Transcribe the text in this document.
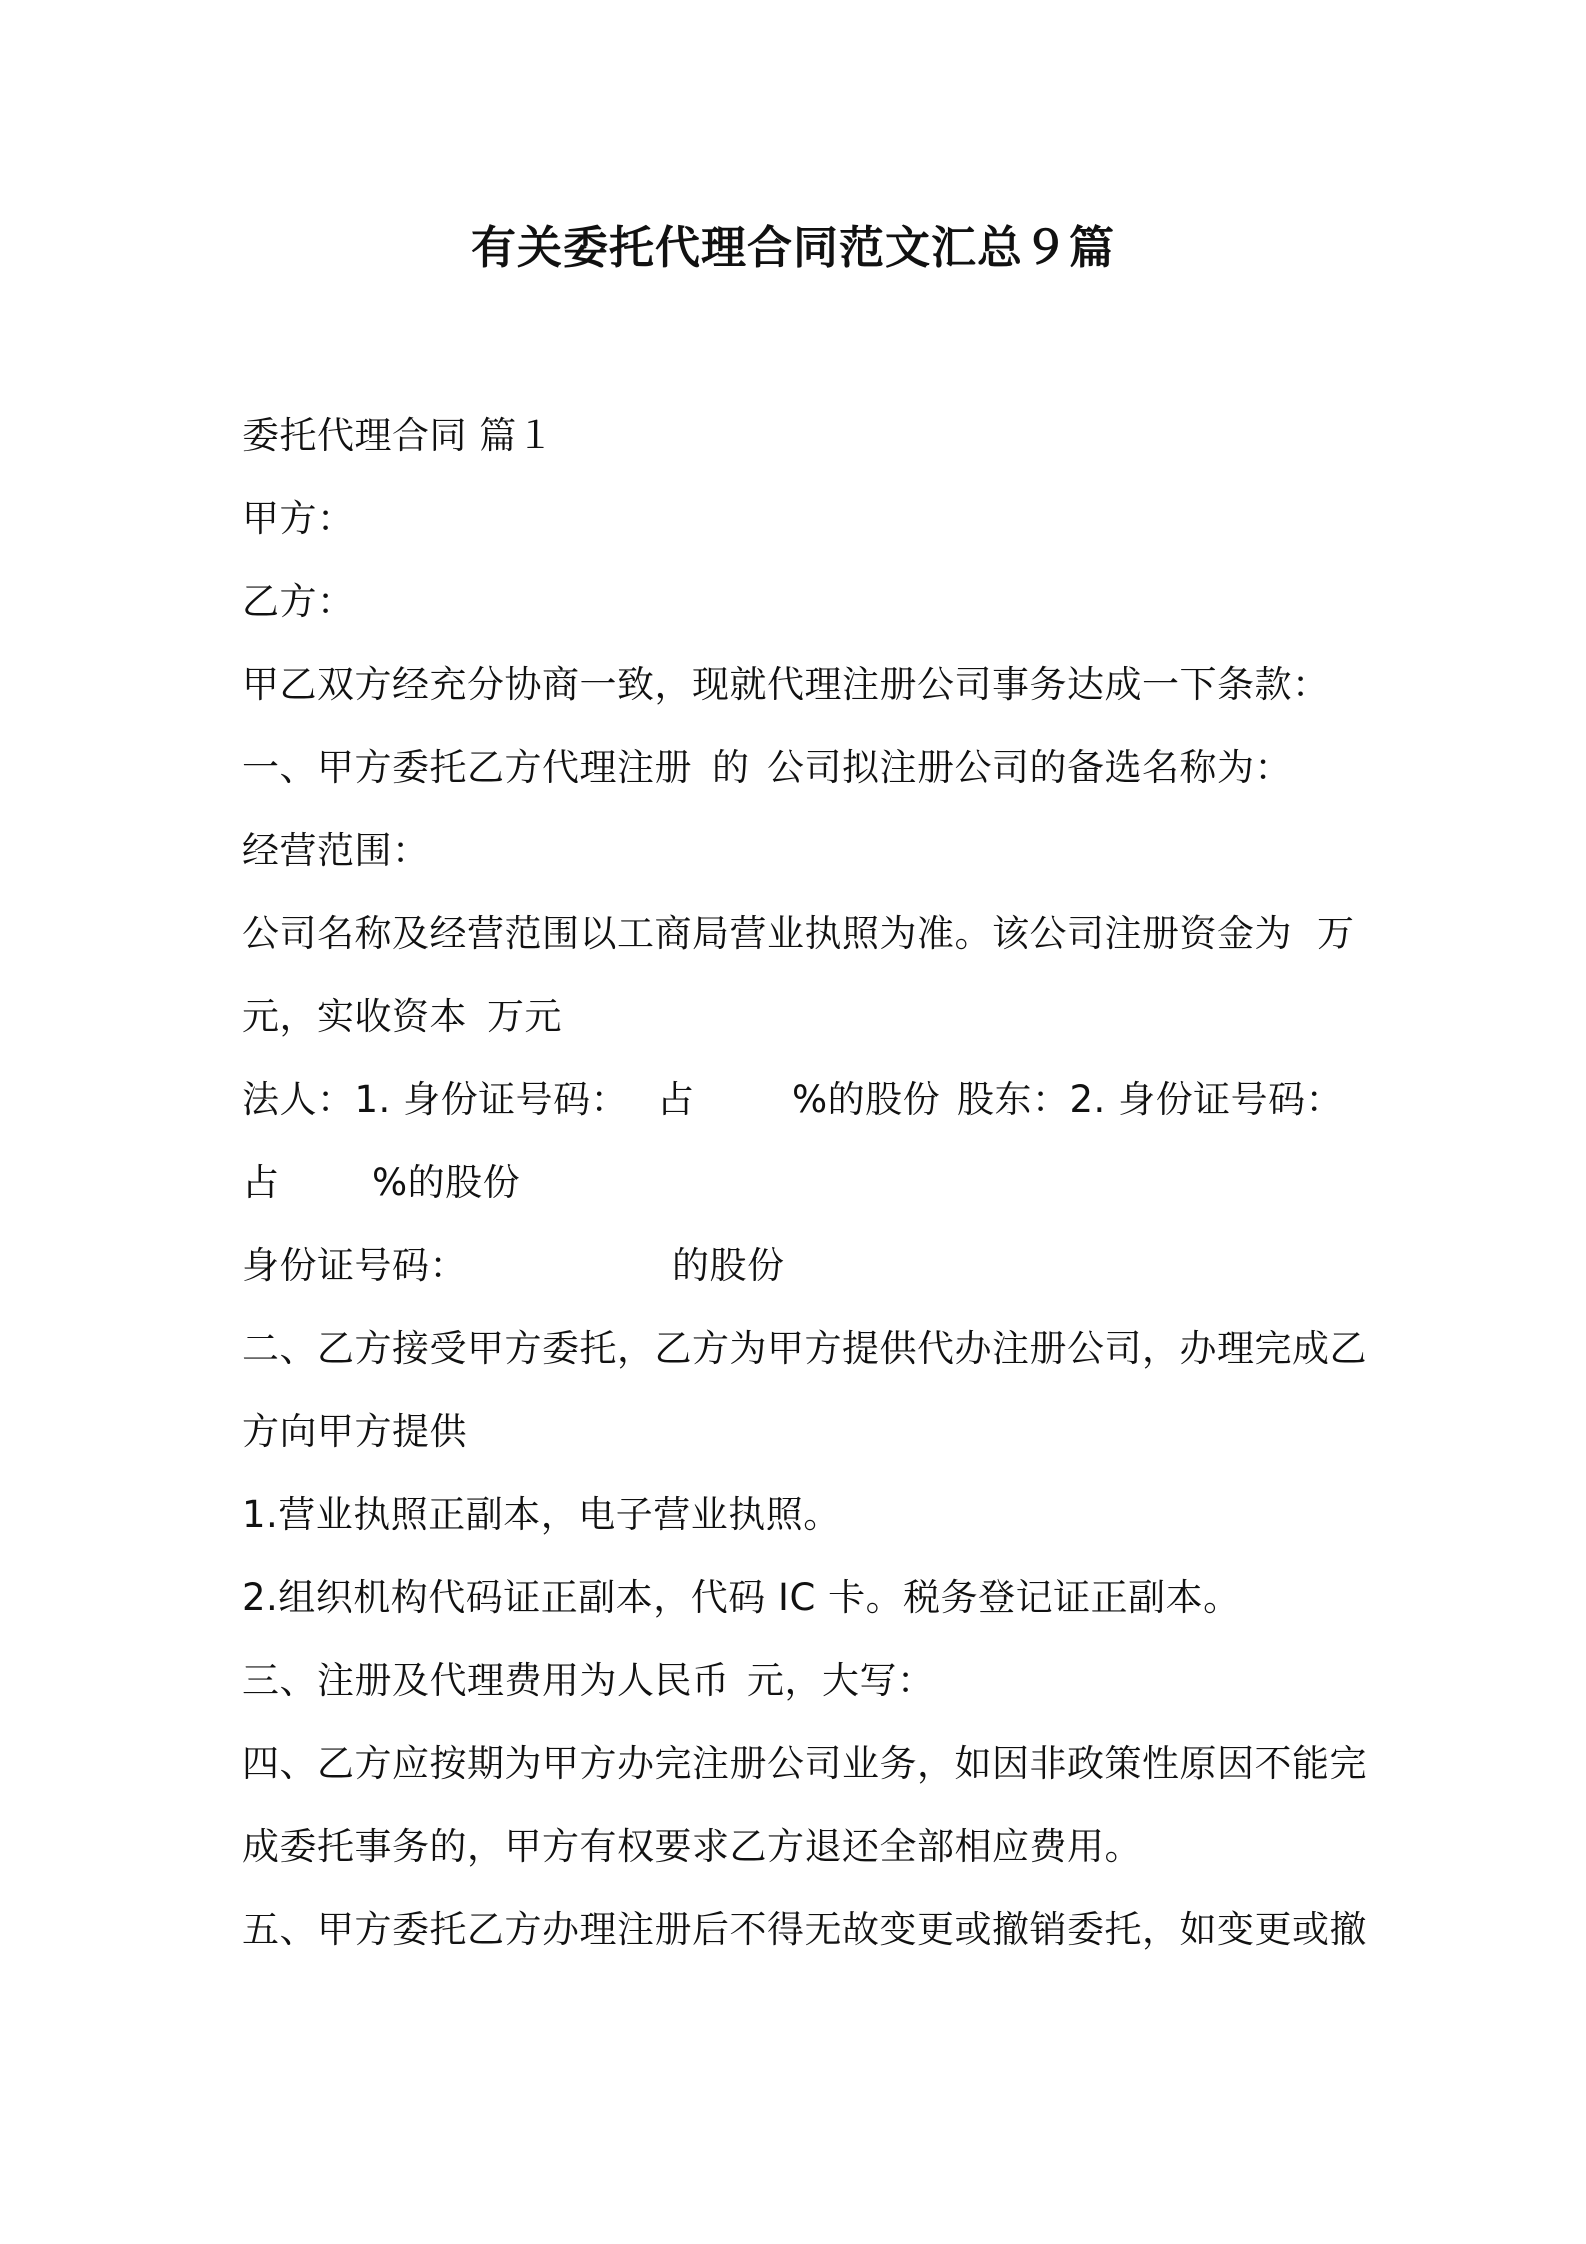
有关委托代理合同范文汇总９篇
委托代理合同 篇１
甲方：
乙方：
甲乙双方经充分协商一致，现就代理注册公司事务达成一下条款：
一、甲方委托乙方代理注册 的 公司拟注册公司的备选名称为：
经营范围：
公司名称及经营范围以工商局营业执照为准。该公司注册资金为 万
元，实收资本 万元
法人：1. 身份证号码： 占	%的股份 股东：2. 身份证号码：
占	%的股份
身份证号码：	的股份
二、乙方接受甲方委托，乙方为甲方提供代办注册公司，办理完成乙
方向甲方提供
1.营业执照正副本，电子营业执照。
2.组织机构代码证正副本，代码 IC 卡。税务登记证正副本。
三、注册及代理费用为人民币 元，大写：
四、乙方应按期为甲方办完注册公司业务，如因非政策性原因不能完
成委托事务的，甲方有权要求乙方退还全部相应费用。
五、甲方委托乙方办理注册后不得无故变更或撤销委托，如变更或撤
